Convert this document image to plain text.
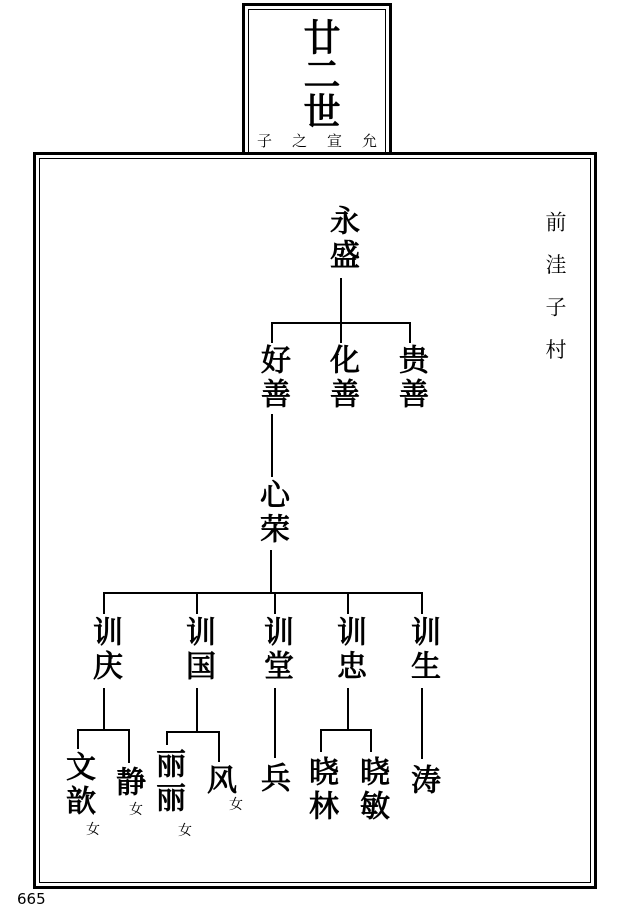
廿二世
子之宣允
前洼子村
永盛
好善 化善 贵善
心荣
训庆 训国 训堂 训忠 训生
文歆 静 丽丽 风 兵 晓林 晓敏 涛
女
女
女
女
665
